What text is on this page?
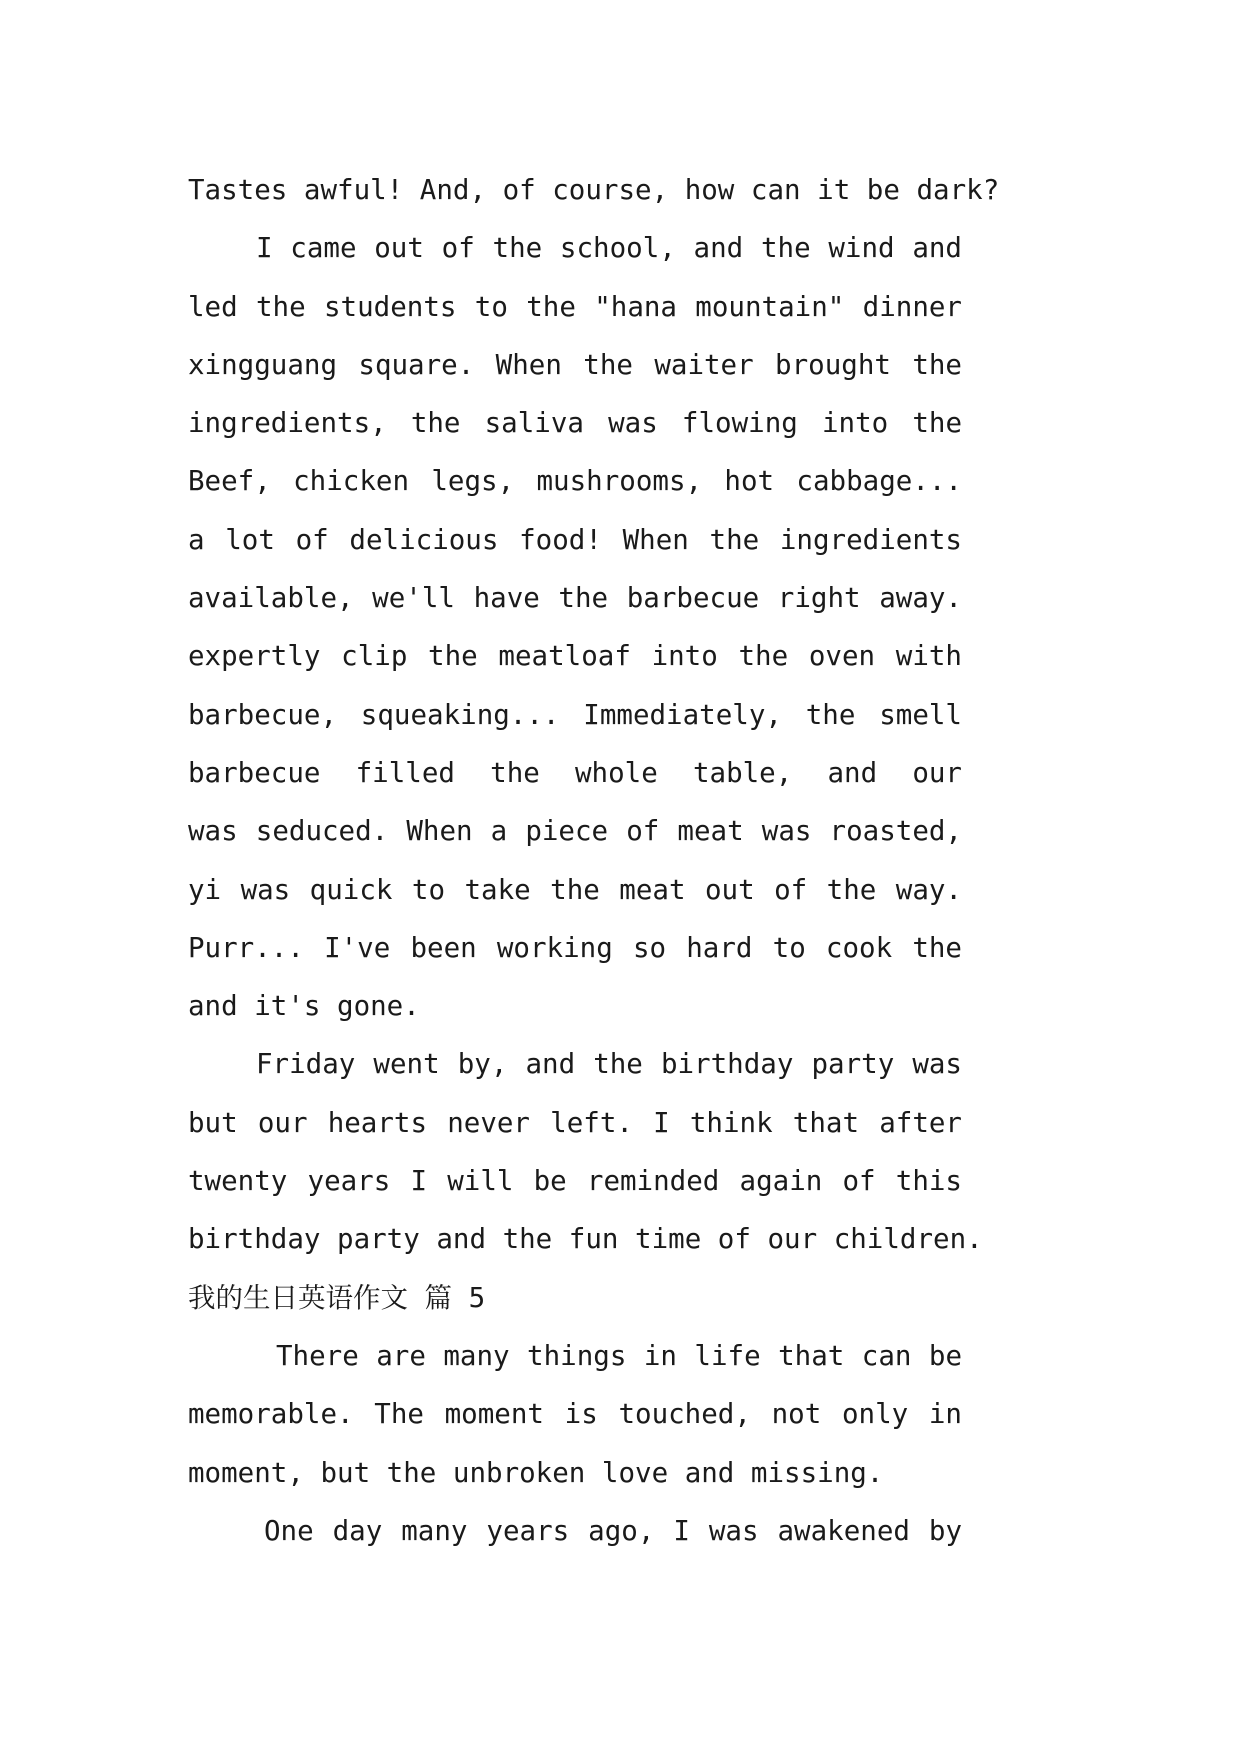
Tastes awful! And, of course, how can it be dark?
I came out of the school, and the wind and
led the students to the "hana mountain" dinner
xingguang square. When the waiter brought the
ingredients, the saliva was flowing into the
Beef, chicken legs, mushrooms, hot cabbage...
a lot of delicious food! When the ingredients
available, we'll have the barbecue right away.
expertly clip the meatloaf into the oven with
barbecue, squeaking... Immediately, the smell
barbecue filled the whole table, and our
was seduced. When a piece of meat was roasted,
yi was quick to take the meat out of the way.
Purr... I've been working so hard to cook the
and it's gone.
Friday went by, and the birthday party was
but our hearts never left. I think that after
twenty years I will be reminded again of this
birthday party and the fun time of our children.
我的生日英语作文 篇 5
There are many things in life that can be
memorable. The moment is touched, not only in
moment, but the unbroken love and missing.
One day many years ago, I was awakened by
